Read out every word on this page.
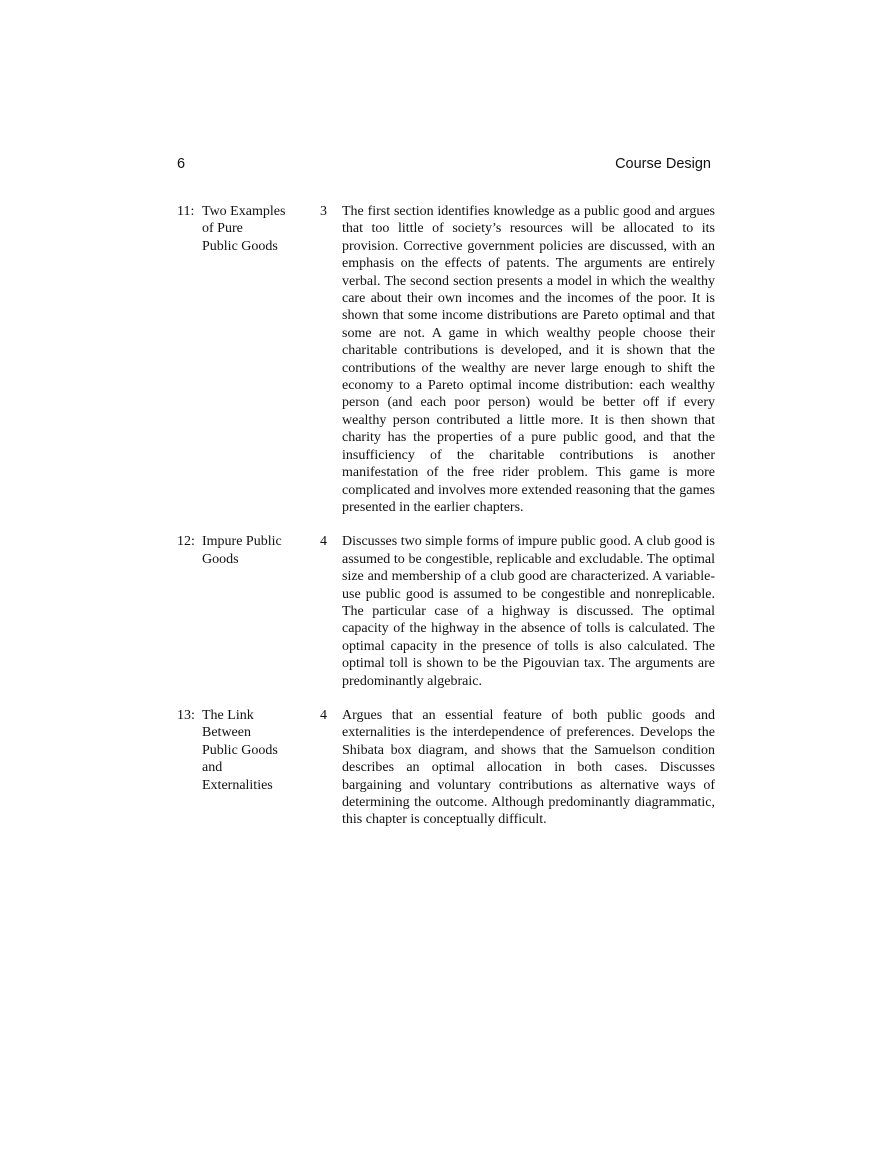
6	Course Design
11: Two Examples
of Pure
Public Goods
3	The first section identifies knowledge as a public good and argues that too little of society’s resources will be allocated to its provision. Corrective government policies are discussed, with an emphasis on the effects of patents. The arguments are entirely verbal. The second section presents a model in which the wealthy care about their own incomes and the incomes of the poor. It is shown that some income distributions are Pareto optimal and that some are not. A game in which wealthy people choose their charitable contributions is developed, and it is shown that the contributions of the wealthy are never large enough to shift the economy to a Pareto optimal income distribution: each wealthy person (and each poor person) would be better off if every wealthy person contributed a little more. It is then shown that charity has the properties of a pure public good, and that the insufficiency of the charitable contributions is another manifestation of the free rider problem. This game is more complicated and involves more extended reasoning that the games presented in the earlier chapters.
12: Impure Public
Goods
4	Discusses two simple forms of impure public good. A club good is assumed to be congestible, replicable and excludable. The optimal size and membership of a club good are characterized. A variable-use public good is assumed to be congestible and nonreplicable. The particular case of a highway is discussed. The optimal capacity of the highway in the absence of tolls is calculated. The optimal capacity in the presence of tolls is also calculated. The optimal toll is shown to be the Pigouvian tax. The arguments are predominantly algebraic.
13: The Link
Between
Public Goods
and
Externalities
4	Argues that an essential feature of both public goods and externalities is the interdependence of preferences. Develops the Shibata box diagram, and shows that the Samuelson condition describes an optimal allocation in both cases. Discusses bargaining and voluntary contributions as alternative ways of determining the outcome. Although predominantly diagrammatic, this chapter is conceptually difficult.
